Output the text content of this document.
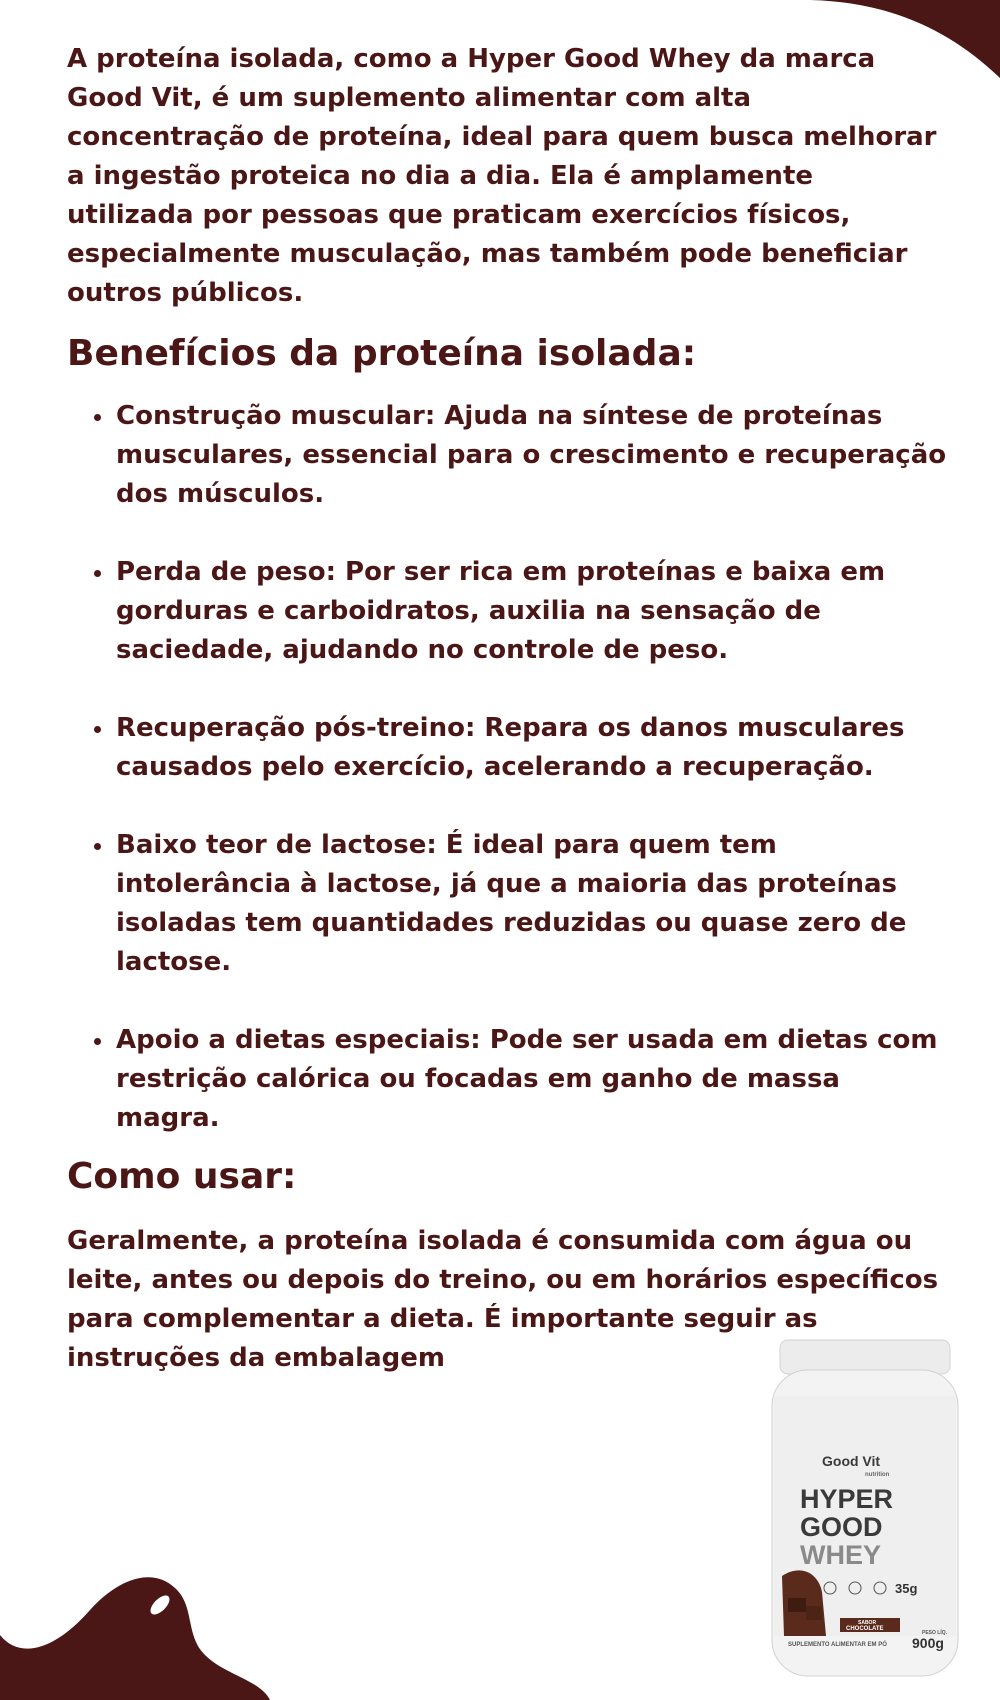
A proteína isolada, como a Hyper Good Whey da marca Good Vit, é um suplemento alimentar com alta concentração de proteína, ideal para quem busca melhorar a ingestão proteica no dia a dia. Ela é amplamente utilizada por pessoas que praticam exercícios físicos, especialmente musculação, mas também pode beneficiar outros públicos.

Benefícios da proteína isolada:
Construção muscular: Ajuda na síntese de proteínas musculares, essencial para o crescimento e recuperação dos músculos.
Perda de peso: Por ser rica em proteínas e baixa em gorduras e carboidratos, auxilia na sensação de saciedade, ajudando no controle de peso.
Recuperação pós-treino: Repara os danos musculares causados pelo exercício, acelerando a recuperação.
Baixo teor de lactose: É ideal para quem tem intolerância à lactose, já que a maioria das proteínas isoladas tem quantidades reduzidas ou quase zero de lactose.
Apoio a dietas especiais: Pode ser usada em dietas com restrição calórica ou focadas em ganho de massa magra.
Como usar:

Geralmente, a proteína isolada é consumida com água ou leite, antes ou depois do treino, ou em horários específicos para complementar a dieta. É importante seguir as instruções da embalagem

Good Vit
nutrition
HYPER
GOOD
WHEY
35g
SABOR
CHOCOLATE
PESO LÍQ.
SUPLEMENTO ALIMENTAR EM PÓ 900g
